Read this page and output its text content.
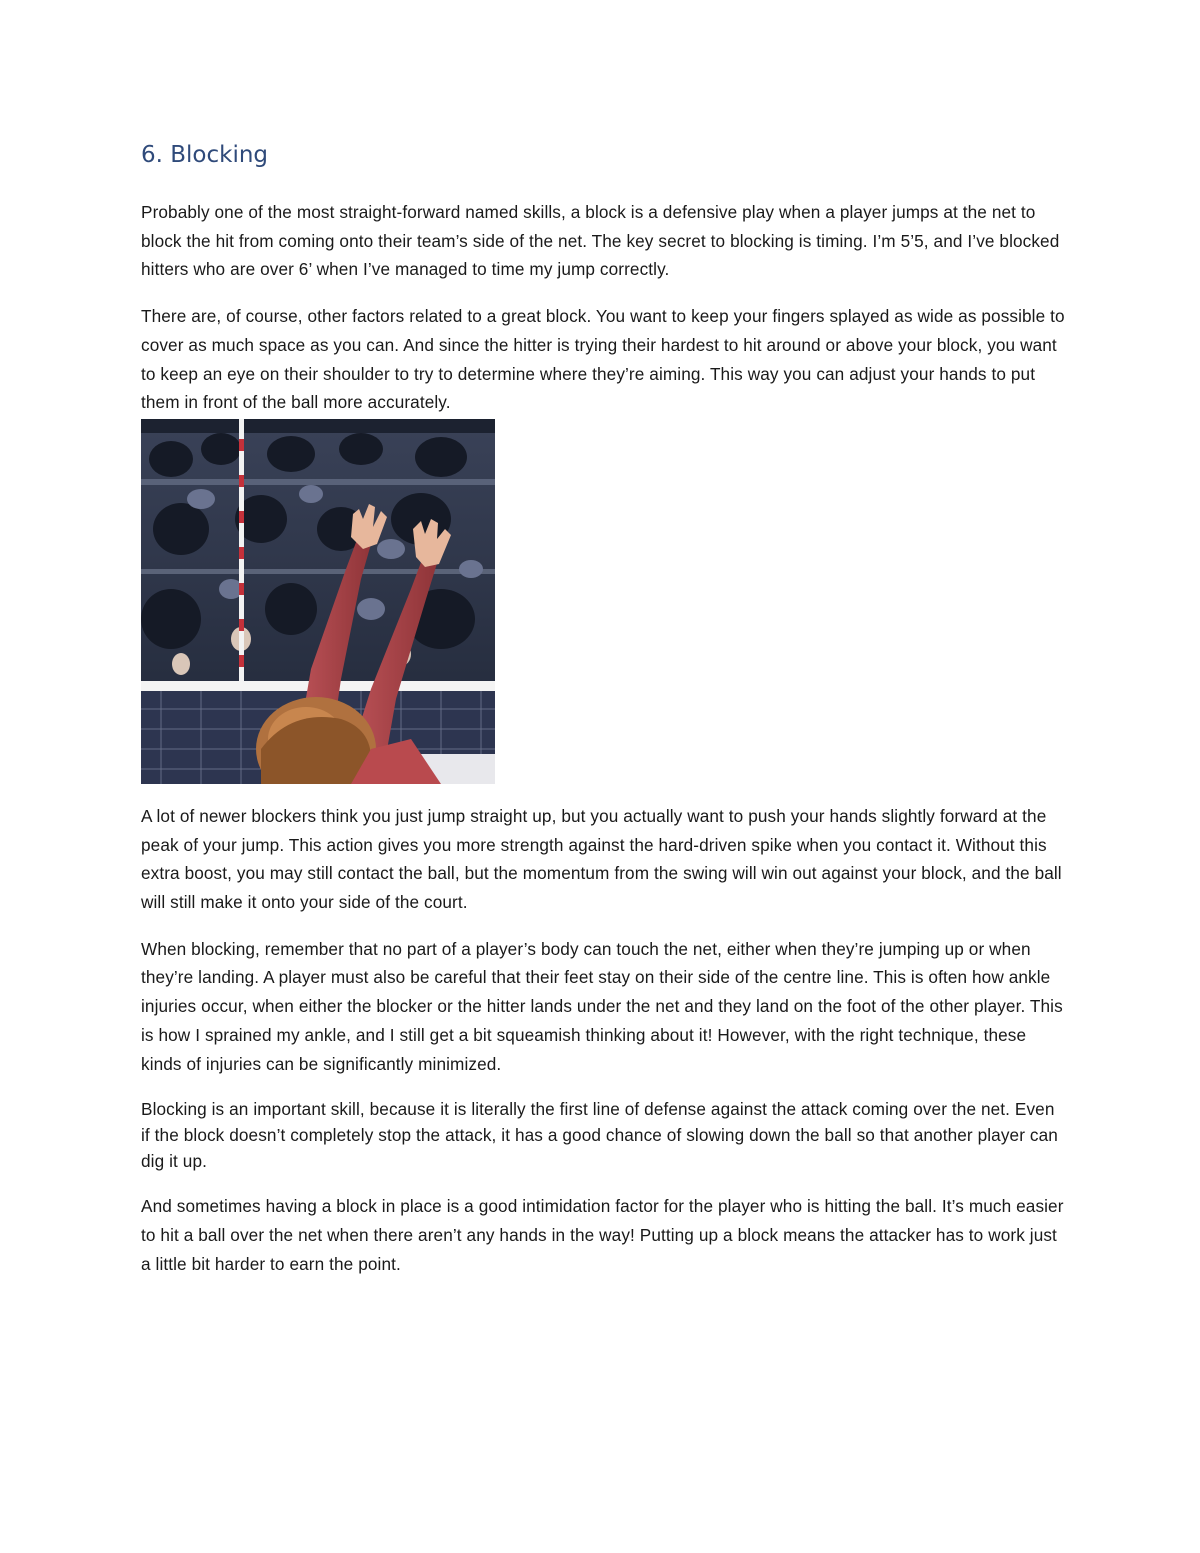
6. Blocking

Probably one of the most straight-forward named skills, a block is a defensive play when a player jumps at the net to block the hit from coming onto their team’s side of the net. The key secret to blocking is timing. I’m 5’5, and I’ve blocked hitters who are over 6’ when I’ve managed to time my jump correctly.

There are, of course, other factors related to a great block. You want to keep your fingers splayed as wide as possible to cover as much space as you can. And since the hitter is trying their hardest to hit around or above your block, you want to keep an eye on their shoulder to try to determine where they’re aiming. This way you can adjust your hands to put them in front of the ball more accurately.

A lot of newer blockers think you just jump straight up, but you actually want to push your hands slightly forward at the peak of your jump. This action gives you more strength against the hard-driven spike when you contact it. Without this extra boost, you may still contact the ball, but the momentum from the swing will win out against your block, and the ball will still make it onto your side of the court.

When blocking, remember that no part of a player’s body can touch the net, either when they’re jumping up or when they’re landing. A player must also be careful that their feet stay on their side of the centre line. This is often how ankle injuries occur, when either the blocker or the hitter lands under the net and they land on the foot of the other player. This is how I sprained my ankle, and I still get a bit squeamish thinking about it! However, with the right technique, these kinds of injuries can be significantly minimized.

Blocking is an important skill, because it is literally the first line of defense against the attack coming over the net. Even if the block doesn’t completely stop the attack, it has a good chance of slowing down the ball so that another player can dig it up.

And sometimes having a block in place is a good intimidation factor for the player who is hitting the ball. It’s much easier to hit a ball over the net when there aren’t any hands in the way! Putting up a block means the attacker has to work just a little bit harder to earn the point.
